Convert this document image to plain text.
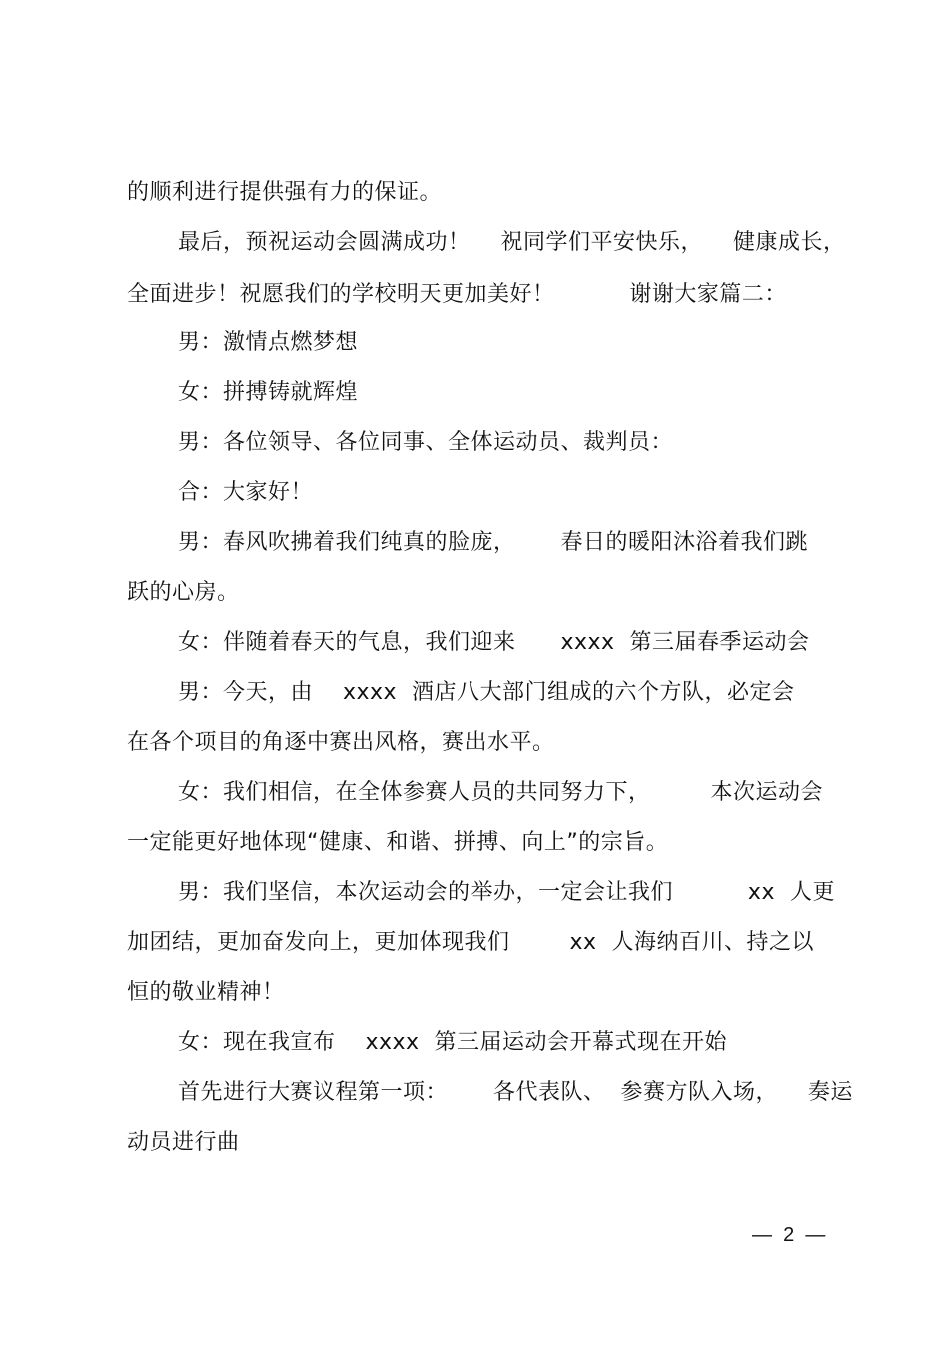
的顺利进行提供强有力的保证。
最后，预祝运动会圆满成功！    祝同学们平安快乐，    健康成长，
全面进步！祝愿我们的学校明天更加美好！          谢谢大家篇二：
男：激情点燃梦想
女：拼搏铸就辉煌
男：各位领导、各位同事、全体运动员、裁判员：
合：大家好！
男：春风吹拂着我们纯真的脸庞，      春日的暖阳沐浴着我们跳
跃的心房。
女：伴随着春天的气息，我们迎来      xxxx  第三届春季运动会
男：今天，由    xxxx  酒店八大部门组成的六个方队，必定会
在各个项目的角逐中赛出风格，赛出水平。
女：我们相信，在全体参赛人员的共同努力下，        本次运动会
一定能更好地体现“健康、和谐、拼搏、向上”的宗旨。
男：我们坚信，本次运动会的举办，一定会让我们          xx  人更
加团结，更加奋发向上，更加体现我们        xx  人海纳百川、持之以
恒的敬业精神！
女：现在我宣布    xxxx  第三届运动会开幕式现在开始
首先进行大赛议程第一项：      各代表队、  参赛方队入场，    奏运
动员进行曲
—  2  —
